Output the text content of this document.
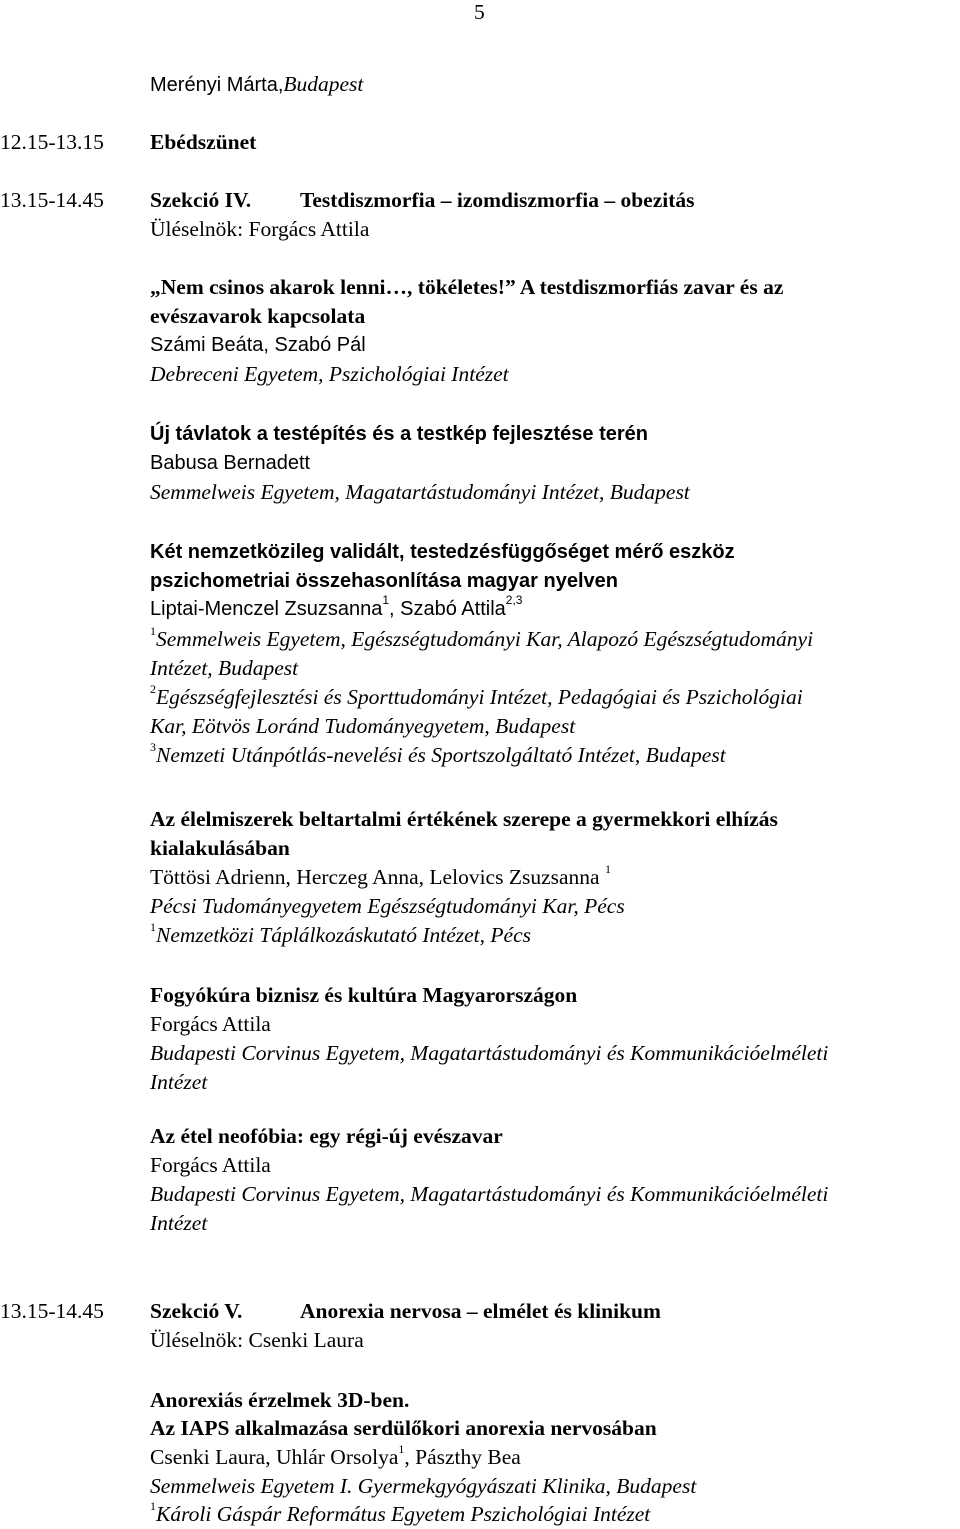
5
Merényi Márta,Budapest
12.15-13.15 Ebédszünet
13.15-14.45 Szekció IV. Testdiszmorfia – izomdiszmorfia – obezitás
Üléselnök: Forgács Attila
„Nem csinos akarok lenni…, tökéletes!” A testdiszmorfiás zavar és az
evészavarok kapcsolata
Számi Beáta, Szabó Pál
Debreceni Egyetem, Pszichológiai Intézet
Új távlatok a testépítés és a testkép fejlesztése terén
Babusa Bernadett
Semmelweis Egyetem, Magatartástudományi Intézet, Budapest
Két nemzetközileg validált, testedzésfüggőséget mérő eszköz
pszichometriai összehasonlítása magyar nyelven
Liptai-Menczel Zsuzsanna$^1$, Szabó Attila$^{2,3}$
$^1$Semmelweis Egyetem, Egészségtudományi Kar, Alapozó Egészségtudományi
Intézet, Budapest
$^2$Egészségfejlesztési és Sporttudományi Intézet, Pedagógiai és Pszichológiai
Kar, Eötvös Loránd Tudományegyetem, Budapest
$^3$Nemzeti Utánpótlás-nevelési és Sportszolgáltató Intézet, Budapest
Az élelmiszerek beltartalmi értékének szerepe a gyermekkori elhízás
kialakulásában
Töttösi Adrienn, Herczeg Anna, Lelovics Zsuzsanna $^1$
Pécsi Tudományegyetem Egészségtudományi Kar, Pécs
$^1$Nemzetközi Táplálkozáskutató Intézet, Pécs
Fogyókúra biznisz és kultúra Magyarországon
Forgács Attila
Budapesti Corvinus Egyetem, Magatartástudományi és Kommunikációelméleti
Intézet
Az étel neofóbia: egy régi-új evészavar
Forgács Attila
Budapesti Corvinus Egyetem, Magatartástudományi és Kommunikációelméleti
Intézet
13.15-14.45 Szekció V.	Anorexia nervosa – elmélet és klinikum
Üléselnök: Csenki Laura
Anorexiás érzelmek 3D-ben.
Az IAPS alkalmazása serdülőkori anorexia nervosában
Csenki Laura, Uhlár Orsolya$^1$, Pászthy Bea
Semmelweis Egyetem I. Gyermekgyógyászati Klinika, Budapest
$^1$Károli Gáspár Református Egyetem Pszichológiai Intézet
